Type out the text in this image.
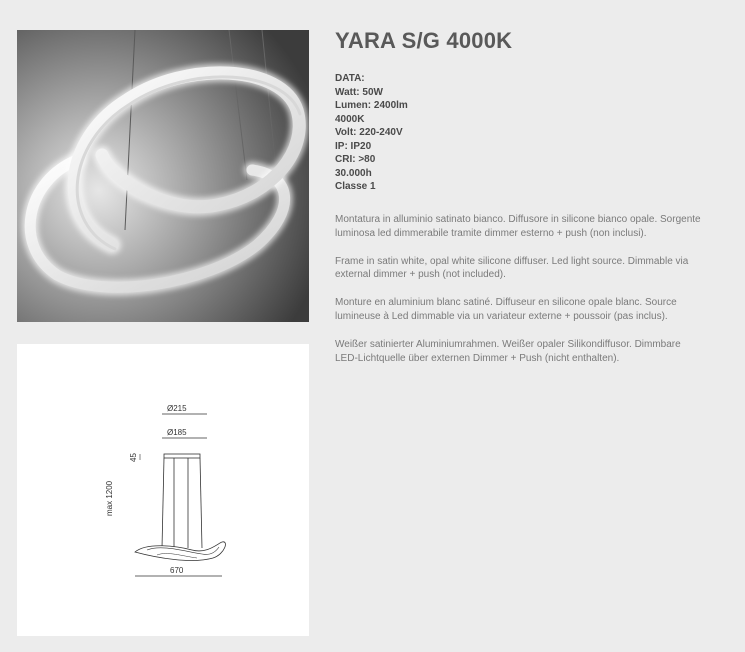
Ø215
Ø185
45
max 1200
670
YARA S/G 4000K
DATA:
Watt: 50W
Lumen: 2400lm
4000K
Volt: 220-240V
IP: IP20
CRI: >80
30.000h
Classe 1

Montatura in alluminio satinato bianco. Diffusore in silicone bianco opale. Sorgente luminosa led dimmerabile tramite dimmer esterno + push (non inclusi).

Frame in satin white, opal white silicone diffuser. Led light source. Dimmable via external dimmer + push (not included).

Monture en aluminium blanc satiné. Diffuseur en silicone opale blanc. Source lumineuse à Led dimmable via un variateur externe + poussoir (pas inclus).

Weißer satinierter Aluminiumrahmen. Weißer opaler Silikondiffusor. Dimmbare LED-Lichtquelle über externen Dimmer + Push (nicht enthalten).
